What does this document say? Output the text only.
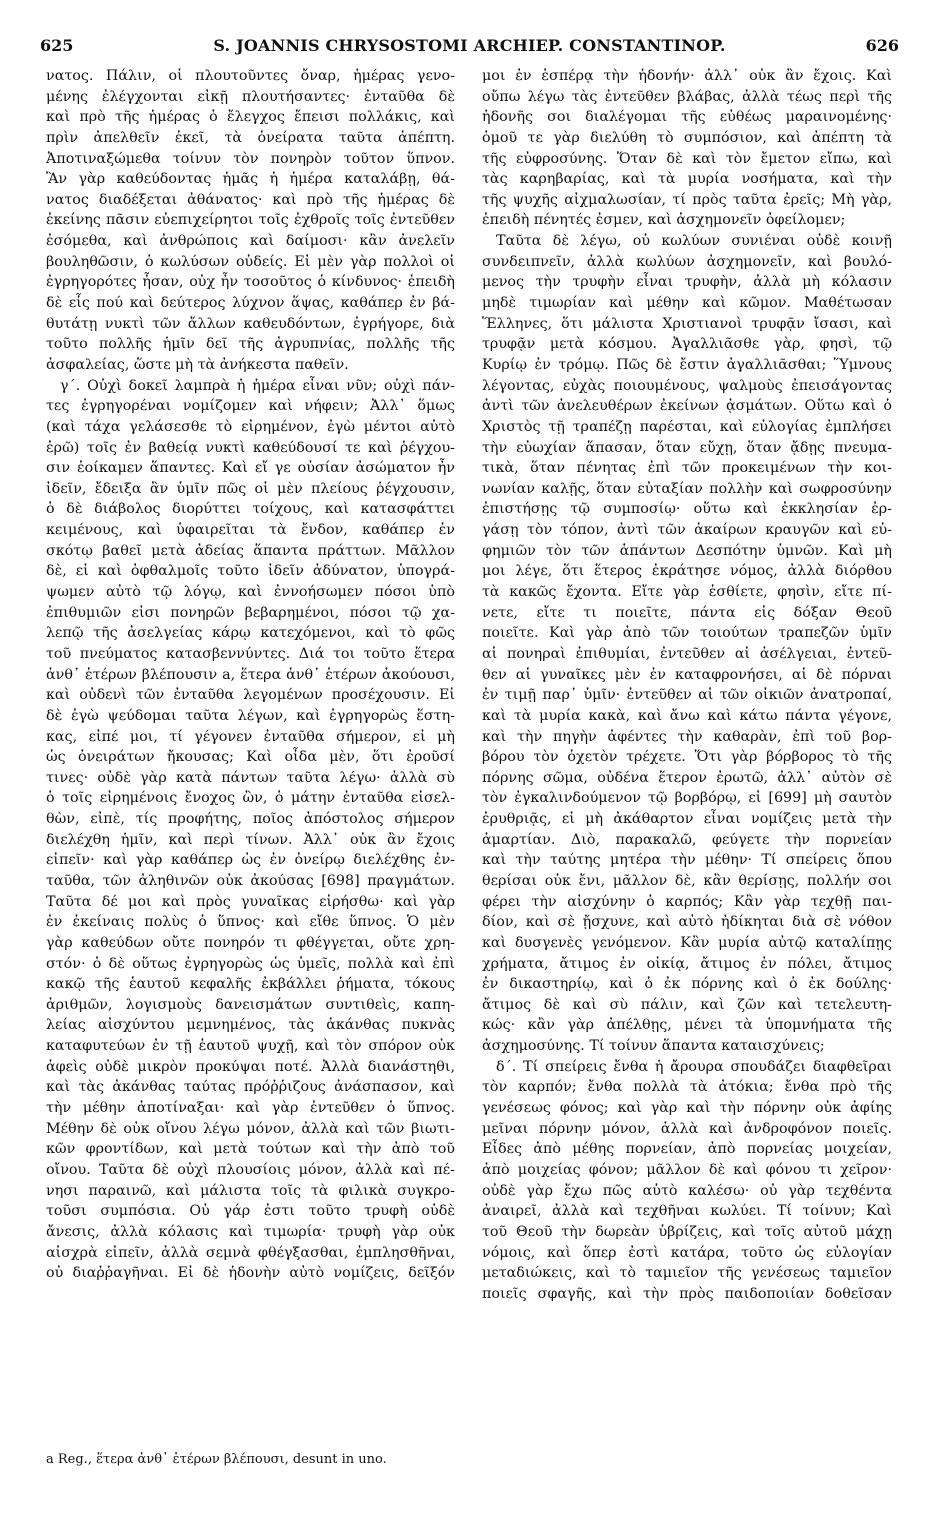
625	S. JOANNIS CHRYSOSTOMI ARCHIEP. CONSTANTINOP.	626
νατος. Πάλιν, οἱ πλουτοῦντες ὄναρ, ἡμέρας γενο-
μένης ἐλέγχονται εἰκῇ πλουτήσαντες· ἐνταῦθα δὲ
καὶ πρὸ τῆς ἡμέρας ὁ ἔλεγχος ἔπεισι πολλάκις, καὶ
πρὶν ἀπελθεῖν ἐκεῖ, τὰ ὀνείρατα ταῦτα ἀπέπτη.
Ἀποτιναξώμεθα τοίνυν τὸν πονηρὸν τοῦτον ὕπνον.
Ἂν γὰρ καθεύδοντας ἡμᾶς ἡ ἡμέρα καταλάβῃ, θά-
νατος διαδέξεται ἀθάνατος· καὶ πρὸ τῆς ἡμέρας δὲ
ἐκείνης πᾶσιν εὐεπιχείρητοι τοῖς ἐχθροῖς τοῖς ἐντεῦθεν
ἐσόμεθα, καὶ ἀνθρώποις καὶ δαίμοσι· κἂν ἀνελεῖν
βουληθῶσιν, ὁ κωλύσων οὐδείς. Εἰ μὲν γὰρ πολλοὶ οἱ
ἐγρηγορότες ἦσαν, οὐχ ἦν τοσοῦτος ὁ κίνδυνος· ἐπειδὴ
δὲ εἷς πού καὶ δεύτερος λύχνον ἅψας, καθάπερ ἐν βά-
θυτάτῃ νυκτὶ τῶν ἄλλων καθευδόντων, ἐγρήγορε, διὰ
τοῦτο πολλῆς ἡμῖν δεῖ τῆς ἀγρυπνίας, πολλῆς τῆς
ἀσφαλείας, ὥστε μὴ τὰ ἀνήκεστα παθεῖν.
γ΄. Οὐχὶ δοκεῖ λαμπρὰ ἡ ἡμέρα εἶναι νῦν; οὐχὶ πάν-
τες ἐγρηγορέναι νομίζομεν καὶ νήφειν; Ἀλλ᾽ ὅμως
(καὶ τάχα γελάσεσθε τὸ εἰρημένον, ἐγὼ μέντοι αὐτὸ
ἐρῶ) τοῖς ἐν βαθείᾳ νυκτὶ καθεύδουσί τε καὶ ῥέγχου-
σιν ἐοίκαμεν ἅπαντες. Καὶ εἴ γε οὐσίαν ἀσώματον ἦν
ἰδεῖν, ἔδειξα ἂν ὑμῖν πῶς οἱ μὲν πλείους ῥέγχουσιν,
ὁ δὲ διάβολος διορύττει τοίχους, καὶ κατασφάττει
κειμένους, καὶ ὑφαιρεῖται τὰ ἔνδον, καθάπερ ἐν
σκότῳ βαθεῖ μετὰ ἀδείας ἅπαντα πράττων. Μᾶλλον
δὲ, εἰ καὶ ὀφθαλμοῖς τοῦτο ἰδεῖν ἀδύνατον, ὑπογρά-
ψωμεν αὐτὸ τῷ λόγῳ, καὶ ἐννοήσωμεν πόσοι ὑπὸ
ἐπιθυμιῶν εἰσι πονηρῶν βεβαρημένοι, πόσοι τῷ χα-
λεπῷ τῆς ἀσελγείας κάρῳ κατεχόμενοι, καὶ τὸ φῶς
τοῦ πνεύματος κατασβεννύντες. Διά τοι τοῦτο ἕτερα
ἀνθ᾽ ἑτέρων βλέπουσιν a, ἕτερα ἀνθ᾽ ἑτέρων ἀκούουσι,
καὶ οὐδενὶ τῶν ἐνταῦθα λεγομένων προσέχουσιν. Εἰ
δὲ ἐγὼ ψεύδομαι ταῦτα λέγων, καὶ ἐγρηγορὼς ἕστη-
κας, εἰπέ μοι, τί γέγονεν ἐνταῦθα σήμερον, εἰ μὴ
ὡς ὀνειράτων ἤκουσας; Καὶ οἶδα μὲν, ὅτι ἐροῦσί
τινες· οὐδὲ γὰρ κατὰ πάντων ταῦτα λέγω· ἀλλὰ σὺ
ὁ τοῖς εἰρημένοις ἔνοχος ὢν, ὁ μάτην ἐνταῦθα εἰσελ-
θὼν, εἰπὲ, τίς προφήτης, ποῖος ἀπόστολος σήμερον
διελέχθη ἡμῖν, καὶ περὶ τίνων. Ἀλλ᾽ οὐκ ἂν ἔχοις
εἰπεῖν· καὶ γὰρ καθάπερ ὡς ἐν ὀνείρῳ διελέχθης ἐν-
ταῦθα, τῶν ἀληθινῶν οὐκ ἀκούσας [698] πραγμάτων.
Ταῦτα δέ μοι καὶ πρὸς γυναῖκας εἰρήσθω· καὶ γὰρ
ἐν ἐκείναις πολὺς ὁ ὕπνος· καὶ εἴθε ὕπνος. Ὁ μὲν
γὰρ καθεύδων οὔτε πονηρόν τι φθέγγεται, οὔτε χρη-
στόν· ὁ δὲ οὕτως ἐγρηγορὼς ὡς ὑμεῖς, πολλὰ καὶ ἐπὶ
κακῷ τῆς ἑαυτοῦ κεφαλῆς ἐκβάλλει ῥήματα, τόκους
ἀριθμῶν, λογισμοὺς δανεισμάτων συντιθεὶς, καπη-
λείας αἰσχύντου μεμνημένος, τὰς ἀκάνθας πυκνὰς
καταφυτεύων ἐν τῇ ἑαυτοῦ ψυχῇ, καὶ τὸν σπόρον οὐκ
ἀφεὶς οὐδὲ μικρὸν προκύψαι ποτέ. Ἀλλὰ διανάστηθι,
καὶ τὰς ἀκάνθας ταύτας πρόῤῥιζους ἀνάσπασον, καὶ
τὴν μέθην ἀποτίναξαι· καὶ γὰρ ἐντεῦθεν ὁ ὕπνος.
Μέθην δὲ οὐκ οἴνου λέγω μόνον, ἀλλὰ καὶ τῶν βιωτι-
κῶν φροντίδων, καὶ μετὰ τούτων καὶ τὴν ἀπὸ τοῦ
οἴνου. Ταῦτα δὲ οὐχὶ πλουσίοις μόνον, ἀλλὰ καὶ πέ-
νησι παραινῶ, καὶ μάλιστα τοῖς τὰ φιλικὰ συγκρο-
τοῦσι συμπόσια. Οὐ γάρ ἐστι τοῦτο τρυφὴ οὐδὲ
ἄνεσις, ἀλλὰ κόλασις καὶ τιμωρία· τρυφὴ γὰρ οὐκ
αἰσχρὰ εἰπεῖν, ἀλλὰ σεμνὰ φθέγξασθαι, ἐμπλησθῆναι,
οὐ διαῤῥαγῆναι. Εἰ δὲ ἡδονὴν αὐτὸ νομίζεις, δεῖξόν
μοι ἐν ἑσπέρᾳ τὴν ἡδονήν· ἀλλ᾽ οὐκ ἂν ἔχοις. Καὶ
οὔπω λέγω τὰς ἐντεῦθεν βλάβας, ἀλλὰ τέως περὶ τῆς
ἡδονῆς σοι διαλέγομαι τῆς εὐθέως μαραινομένης·
ὁμοῦ τε γὰρ διελύθη τὸ συμπόσιον, καὶ ἀπέπτη τὰ
τῆς εὐφροσύνης. Ὅταν δὲ καὶ τὸν ἔμετον εἴπω, καὶ
τὰς καρηβαρίας, καὶ τὰ μυρία νοσήματα, καὶ τὴν
τῆς ψυχῆς αἰχμαλωσίαν, τί πρὸς ταῦτα ἐρεῖς; Μὴ γὰρ,
ἐπειδὴ πένητές ἐσμεν, καὶ ἀσχημονεῖν ὀφείλομεν;
Ταῦτα δὲ λέγω, οὐ κωλύων συνιέναι οὐδὲ κοινῇ
συνδειπνεῖν, ἀλλὰ κωλύων ἀσχημονεῖν, καὶ βουλό-
μενος τὴν τρυφὴν εἶναι τρυφὴν, ἀλλὰ μὴ κόλασιν
μηδὲ τιμωρίαν καὶ μέθην καὶ κῶμον. Μαθέτωσαν
Ἕλληνες, ὅτι μάλιστα Χριστιανοὶ τρυφᾷν ἴσασι, καὶ
τρυφᾷν μετὰ κόσμου. Ἀγαλλιᾶσθε γὰρ, φησὶ, τῷ
Κυρίῳ ἐν τρόμῳ. Πῶς δὲ ἔστιν ἀγαλλιᾶσθαι; Ὕμνους
λέγοντας, εὐχὰς ποιουμένους, ψαλμοὺς ἐπεισάγοντας
ἀντὶ τῶν ἀνελευθέρων ἐκείνων ᾀσμάτων. Οὕτω καὶ ὁ
Χριστὸς τῇ τραπέζῃ παρέσται, καὶ εὐλογίας ἐμπλήσει
τὴν εὐωχίαν ἅπασαν, ὅταν εὔχῃ, ὅταν ᾄδῃς πνευμα-
τικὰ, ὅταν πένητας ἐπὶ τῶν προκειμένων τὴν κοι-
νωνίαν καλῇς, ὅταν εὐταξίαν πολλὴν καὶ σωφροσύνην
ἐπιστήσῃς τῷ συμποσίῳ· οὕτω καὶ ἐκκλησίαν ἐρ-
γάσῃ τὸν τόπον, ἀντὶ τῶν ἀκαίρων κραυγῶν καὶ εὐ-
φημιῶν τὸν τῶν ἁπάντων Δεσπότην ὑμνῶν. Καὶ μὴ
μοι λέγε, ὅτι ἕτερος ἐκράτησε νόμος, ἀλλὰ διόρθου
τὰ κακῶς ἔχοντα. Εἴτε γὰρ ἐσθίετε, φησὶν, εἴτε πί-
νετε, εἴτε τι ποιεῖτε, πάντα εἰς δόξαν Θεοῦ
ποιεῖτε. Καὶ γὰρ ἀπὸ τῶν τοιούτων τραπεζῶν ὑμῖν
αἱ πονηραὶ ἐπιθυμίαι, ἐντεῦθεν αἱ ἀσέλγειαι, ἐντεῦ-
θεν αἱ γυναῖκες μὲν ἐν καταφρονήσει, αἱ δὲ πόρναι
ἐν τιμῇ παρ᾽ ὑμῖν· ἐντεῦθεν αἱ τῶν οἰκιῶν ἀνατροπαί,
καὶ τὰ μυρία κακὰ, καὶ ἄνω καὶ κάτω πάντα γέγονε,
καὶ τὴν πηγὴν ἀφέντες τὴν καθαρὰν, ἐπὶ τοῦ βορ-
βόρου τὸν ὀχετὸν τρέχετε. Ὅτι γὰρ βόρβορος τὸ τῆς
πόρνης σῶμα, οὐδένα ἕτερον ἐρωτῶ, ἀλλ᾽ αὐτὸν σὲ
τὸν ἐγκαλινδούμενον τῷ βορβόρῳ, εἰ [699] μὴ σαυτὸν
ἐρυθριᾷς, εἰ μὴ ἀκάθαρτον εἶναι νομίζεις μετὰ τὴν
ἁμαρτίαν. Διὸ, παρακαλῶ, φεύγετε τὴν πορνείαν
καὶ τὴν ταύτης μητέρα τὴν μέθην· Τί σπείρεις ὅπου
θερίσαι οὐκ ἔνι, μᾶλλον δὲ, κἂν θερίσῃς, πολλήν σοι
φέρει τὴν αἰσχύνην ὁ καρπός; Κἂν γὰρ τεχθῇ παι-
δίον, καὶ σὲ ᾔσχυνε, καὶ αὐτὸ ἠδίκηται διὰ σὲ νόθον
καὶ δυσγενὲς γενόμενον. Κἂν μυρία αὐτῷ καταλίπῃς
χρήματα, ἄτιμος ἐν οἰκίᾳ, ἄτιμος ἐν πόλει, ἄτιμος
ἐν δικαστηρίῳ, καὶ ὁ ἐκ πόρνης καὶ ὁ ἐκ δούλης·
ἄτιμος δὲ καὶ σὺ πάλιν, καὶ ζῶν καὶ τετελευτη-
κώς· κἂν γὰρ ἀπέλθῃς, μένει τὰ ὑπομνήματα τῆς
ἀσχημοσύνης. Τί τοίνυν ἅπαντα καταισχύνεις;
δ΄. Τί σπείρεις ἔνθα ἡ ἄρουρα σπουδάζει διαφθεῖραι
τὸν καρπόν; ἔνθα πολλὰ τὰ ἀτόκια; ἔνθα πρὸ τῆς
γενέσεως φόνος; καὶ γὰρ καὶ τὴν πόρνην οὐκ ἀφίης
μεῖναι πόρνην μόνον, ἀλλὰ καὶ ἀνδροφόνον ποιεῖς.
Εἶδες ἀπὸ μέθης πορνείαν, ἀπὸ πορνείας μοιχείαν,
ἀπὸ μοιχείας φόνον; μᾶλλον δὲ καὶ φόνου τι χεῖρον·
οὐδὲ γὰρ ἔχω πῶς αὐτὸ καλέσω· οὐ γὰρ τεχθέντα
ἀναιρεῖ, ἀλλὰ καὶ τεχθῆναι κωλύει. Τί τοίνυν; Καὶ
τοῦ Θεοῦ τὴν δωρεὰν ὑβρίζεις, καὶ τοῖς αὐτοῦ μάχῃ
νόμοις, καὶ ὅπερ ἐστὶ κατάρα, τοῦτο ὡς εὐλογίαν
μεταδιώκεις, καὶ τὸ ταμιεῖον τῆς γενέσεως ταμιεῖον
ποιεῖς σφαγῆς, καὶ τὴν πρὸς παιδοποιίαν δοθεῖσαν
a Reg., ἕτερα ἀνθ᾽ ἑτέρων βλέπουσι, desunt in uno.
